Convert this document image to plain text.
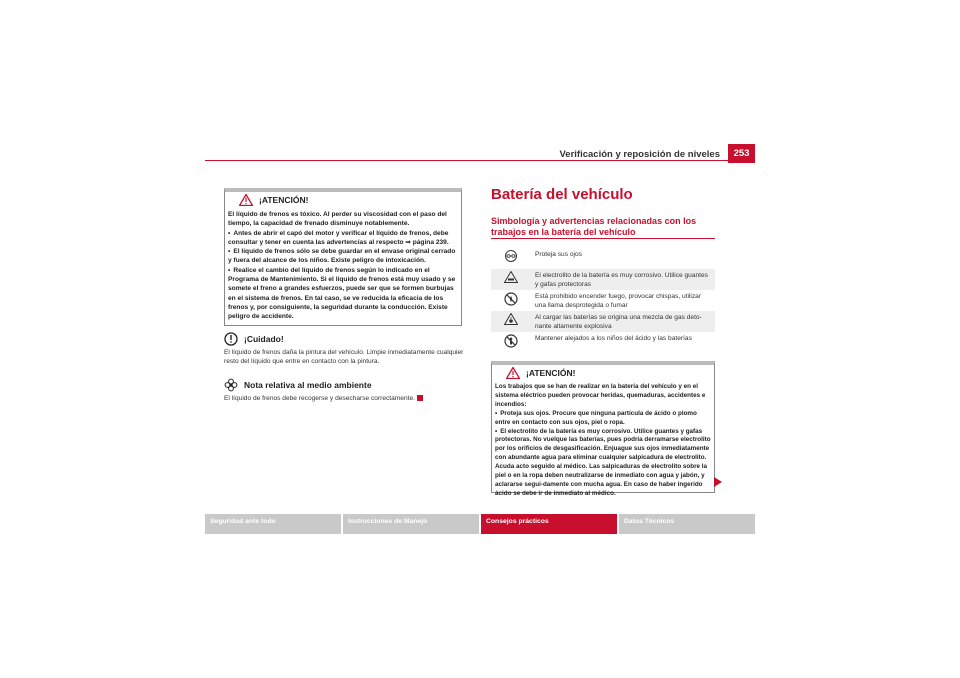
Verificación y reposición de niveles	253
¡ATENCIÓN!

El líquido de frenos es tóxico. Al perder su viscosidad con el paso del tiempo, la capacidad de frenado disminuye notablemente.

• Antes de abrir el capó del motor y verificar el líquido de frenos, debe consultar y tener en cuenta las advertencias al respecto ⇒ página 239.

• El líquido de frenos sólo se debe guardar en el envase original cerrado y fuera del alcance de los niños. Existe peligro de intoxicación.

• Realice el cambio del líquido de frenos según lo indicado en el Programa de Mantenimiento. Si el líquido de frenos está muy usado y se somete el freno a grandes esfuerzos, puede ser que se formen burbujas en el sistema de frenos. En tal caso, se ve reducida la eficacia de los frenos y, por consiguiente, la seguridad durante la conducción. Existe peligro de accidente.

¡Cuidado!
El líquido de frenos daña la pintura del vehículo. Limpie inmediatamente cualquier resto del líquido que entre en contacto con la pintura.
Nota relativa al medio ambiente
El líquido de frenos debe recogerse y desecharse correctamente.
Batería del vehículo
Simbología y advertencias relacionadas con los trabajos en la batería del vehículo
Proteja sus ojos
El electrolito de la batería es muy corrosivo. Utilice guantes y gafas protectoras
Está prohibido encender fuego, provocar chispas, utilizar una llama desprotegida o fumar
Al cargar las baterías se origina una mezcla de gas deto-nante altamente explosiva
Mantener alejados a los niños del ácido y las baterías
¡ATENCIÓN!

Los trabajos que se han de realizar en la batería del vehículo y en el sistema eléctrico pueden provocar heridas, quemaduras, accidentes e incendios:

• Proteja sus ojos. Procure que ninguna partícula de ácido o plomo entre en contacto con sus ojos, piel o ropa.

• El electrolito de la batería es muy corrosivo. Utilice guantes y gafas protectoras. No vuelque las baterías, pues podría derramarse electrolito por los orificios de desgasificación. Enjuague sus ojos inmediatamente con abundante agua para eliminar cualquier salpicadura de electrolito. Acuda acto seguido al médico. Las salpicaduras de electrolito sobre la piel o en la ropa deben neutralizarse de inmediato con agua y jabón, y aclararse segui-damente con mucha agua. En caso de haber ingerido ácido se debe ir de inmediato al médico.

Seguridad ante todo	Instrucciones de Manejo	Consejos prácticos	Datos Técnicos
